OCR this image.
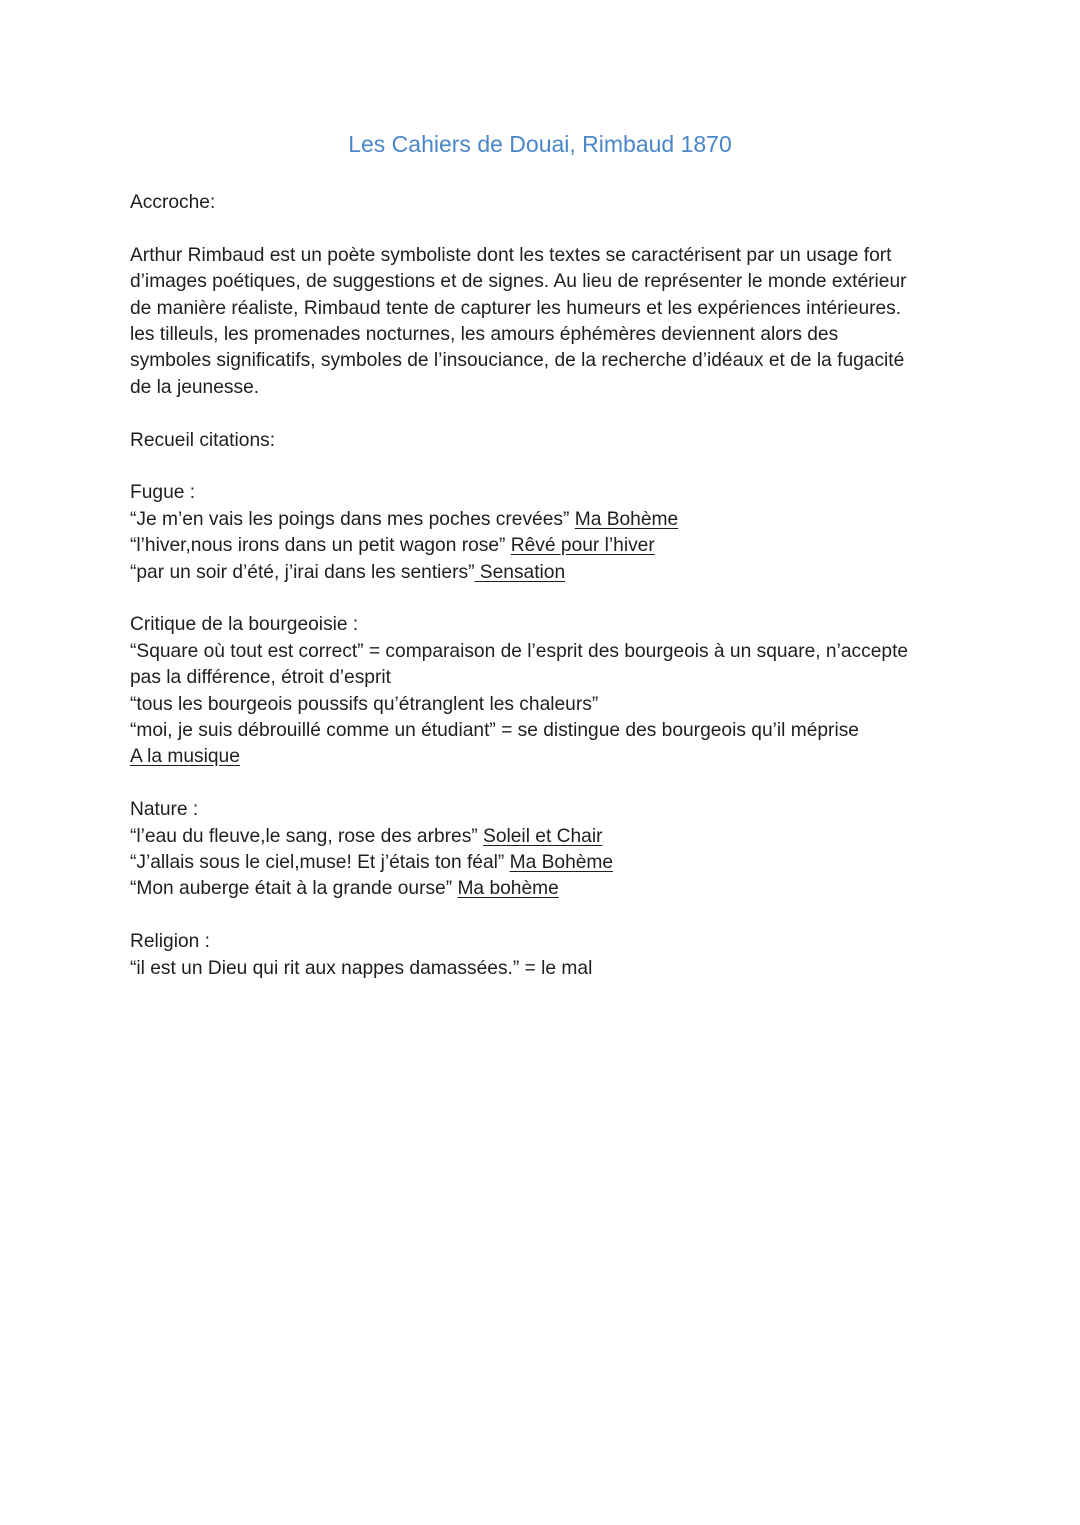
Les Cahiers de Douai, Rimbaud 1870
Accroche:
Arthur Rimbaud est un poète symboliste dont les textes se caractérisent par un usage fort
d’images poétiques, de suggestions et de signes. Au lieu de représenter le monde extérieur
de manière réaliste, Rimbaud tente de capturer les humeurs et les expériences intérieures.
les tilleuls, les promenades nocturnes, les amours éphémères deviennent alors des
symboles significatifs, symboles de l’insouciance, de la recherche d’idéaux et de la fugacité
de la jeunesse.
Recueil citations:
Fugue :
“Je m’en vais les poings dans mes poches crevées” Ma Bohème
“l’hiver,nous irons dans un petit wagon rose” Rêvé pour l’hiver
“par un soir d’été, j’irai dans les sentiers” Sensation
Critique de la bourgeoisie :
“Square où tout est correct” = comparaison de l’esprit des bourgeois à un square, n’accepte
pas la différence, étroit d’esprit
“tous les bourgeois poussifs qu’étranglent les chaleurs”
“moi, je suis débrouillé comme un étudiant” = se distingue des bourgeois qu’il méprise
A la musique
Nature :
“l’eau du fleuve,le sang, rose des arbres” Soleil et Chair
“J’allais sous le ciel,muse! Et j’étais ton féal” Ma Bohème
“Mon auberge était à la grande ourse” Ma bohème
Religion :
“il est un Dieu qui rit aux nappes damassées.” = le mal
